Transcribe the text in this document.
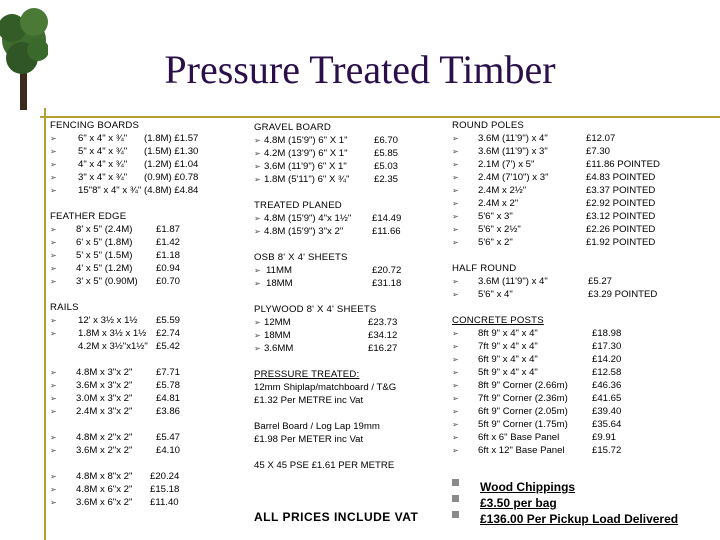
Pressure Treated Timber
FENCING BOARDS
➢ 6" x 4" x ¾" (1.8M) £1.57
➢ 5" x 4" x ¾" (1.5M) £1.30
➢ 4" x 4" x ¾" (1.2M) £1.04
➢ 3" x 4" x ¾" (0.9M) £0.78
➢ 15"8" x 4" x ¾" (4.8M) £4.84
FEATHER EDGE
➢ 8' x 5" (2.4M) £1.87
➢ 6' x 5" (1.8M) £1.42
➢ 5' x 5" (1.5M) £1.18
➢ 4' x 5" (1.2M) £0.94
➢ 3' x 5" (0.90M) £0.70
RAILS
➢ 12' x 3½ x 1½ £5.59
➢ 1.8M x 3½ x 1½ £2.74
4.2M x 3½"x1½" £5.42
➢ 4.8M x 3"x 2" £7.71
➢ 3.6M x 3"x 2" £5.78
➢ 3.0M x 3"x 2" £4.81
➢ 2.4M x 3"x 2" £3.86
➢ 4.8M x 2"x 2" £5.47
➢ 3.6M x 2"x 2" £4.10
➢ 4.8M x 8"x 2" £20.24
➢ 4.8M x 6"x 2" £15.18
➢ 3.6M x 6"x 2" £11.40
GRAVEL BOARD
➢ 4.8M (15'9") 6" X 1"	£6.70
➢ 4.2M (13'9") 6" X 1"	£5.85
➢ 3.6M (11'9") 6" X 1"	£5.03
➢ 1.8M (5'11") 6" X ¾"	£2.35
TREATED PLANED
➢ 4.8M (15'9") 4"x 1½" £14.49
➢ 4.8M (15'9") 3"x 2"	£11.66
OSB 8' X 4' SHEETS
➢ 11MM	£20.72
➢ 18MM	£31.18
PLYWOOD 8' X 4' SHEETS
➢ 12MM	£23.73
➢ 18MM	£34.12
➢ 3.6MM	£16.27
PRESSURE TREATED:
12mm Shiplap/matchboard / T&G
£1.32 Per METRE inc Vat
Barrel Board / Log Lap 19mm
£1.98 Per METER inc Vat
45 X 45 PSE £1.61 PER METRE
ALL PRICES INCLUDE VAT
ROUND POLES
➢ 3.6M (11'9") x 4"	£12.07
➢ 3.6M (11'9") x 3"	£7.30
➢ 2.1M (7') x 5"	£11.86 POINTED
➢ 2.4M (7'10") x 3"	£4.83 POINTED
➢ 2.4M x 2½"	£3.37 POINTED
➢ 2.4M x 2"	£2.92 POINTED
➢ 5'6" x 3"	£3.12 POINTED
➢ 5'6" x 2½"	£2.26 POINTED
➢ 5'6" x 2"	£1.92 POINTED
HALF ROUND
➢ 3.6M (11'9") x 4"	£5.27
➢ 5'6" x 4"	£3.29 POINTED
CONCRETE POSTS
➢ 8ft 9" x 4" x 4"	£18.98
➢ 7ft 9" x 4" x 4"	£17.30
➢ 6ft 9" x 4" x 4"	£14.20
➢ 5ft 9" x 4" x 4"	£12.58
➢ 8ft 9" Corner (2.66m)	£46.36
➢ 7ft 9" Corner (2.36m)	£41.65
➢ 6ft 9" Corner (2.05m)	£39.40
➢ 5ft 9" Corner (1.75m)	£35.64
➢ 6ft x 6" Base Panel	£9.91
➢ 6ft x 12" Base Panel	£15.72
Wood Chippings
£3.50 per bag
£136.00 Per Pickup Load Delivered
